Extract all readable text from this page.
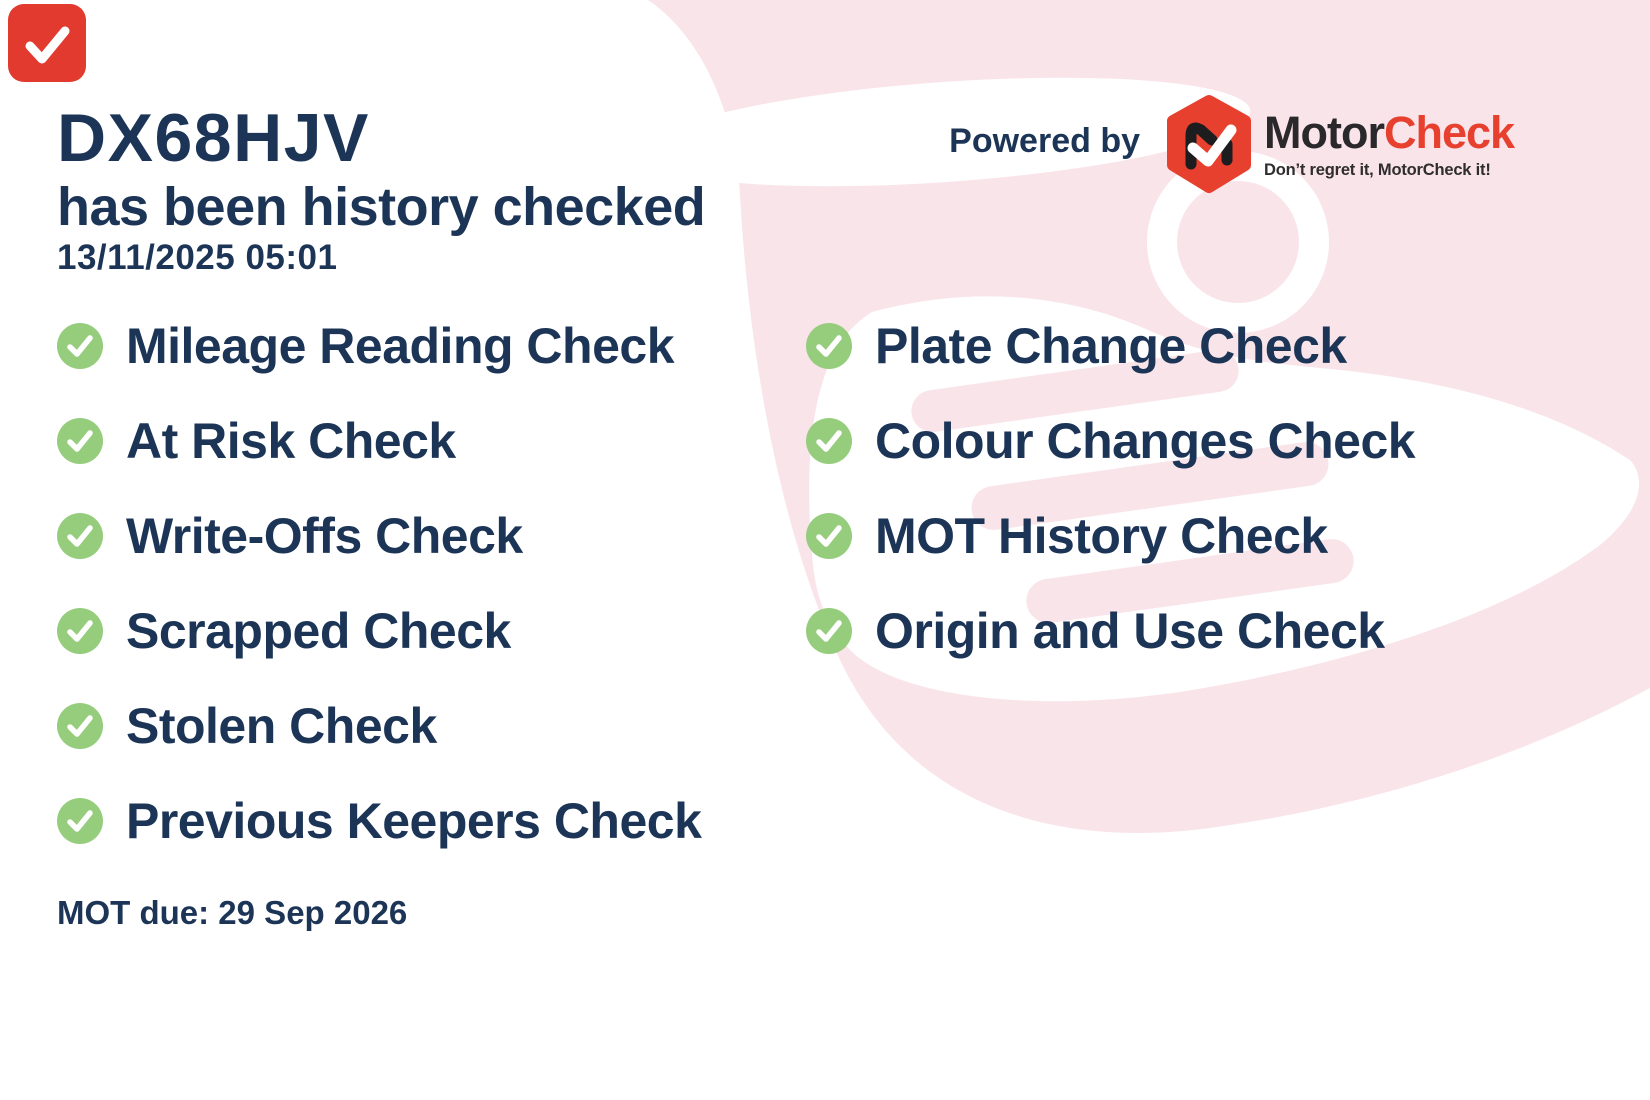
DX68HJV
has been history checked
13/11/2025 05:01
Powered by	MotorCheck
Don’t regret it, MotorCheck it!
Mileage Reading Check
At Risk Check
Write-Offs Check
Scrapped Check
Stolen Check
Previous Keepers Check
Plate Change Check
Colour Changes Check
MOT History Check
Origin and Use Check
MOT due: 29 Sep 2026
